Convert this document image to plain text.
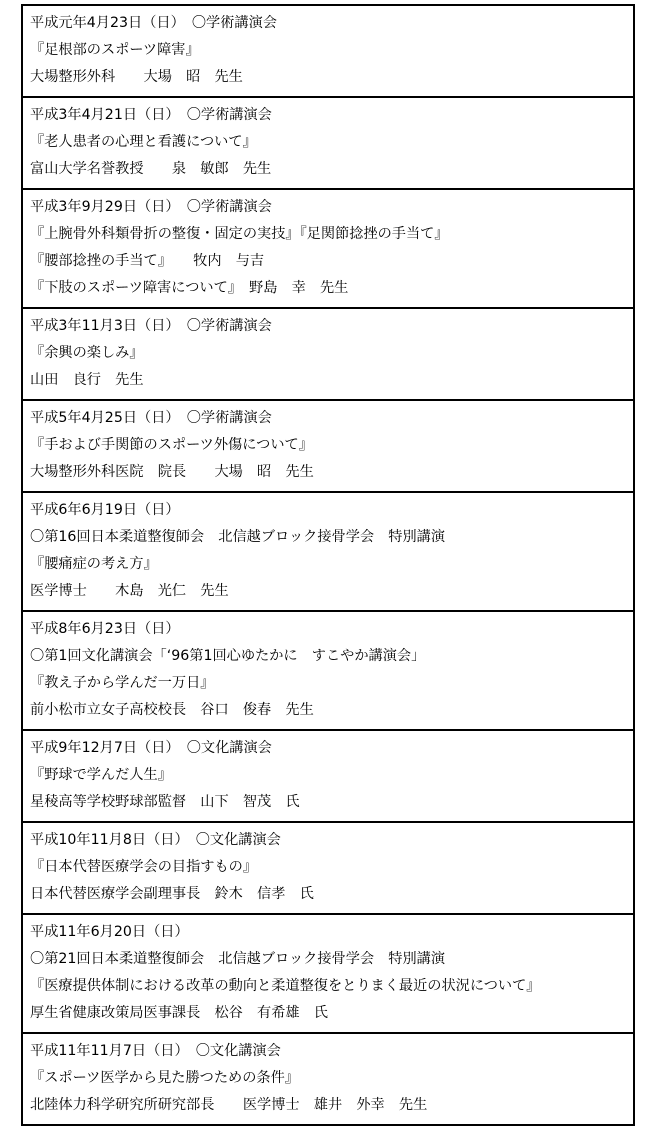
平成元年4月23日（日）　〇学術講演会
『足根部のスポーツ障害』
大場整形外科　　大場　昭　先生
平成3年4月21日（日）　〇学術講演会
『老人患者の心理と看護について』
富山大学名誉教授　　泉　敏郎　先生
平成3年9月29日（日）　〇学術講演会
『上腕骨外科類骨折の整復・固定の実技』『足関節捻挫の手当て』
『腰部捻挫の手当て』　　牧内　与吉
『下肢のスポーツ障害について』　野島　幸　先生
平成3年11月3日（日）　〇学術講演会
『余興の楽しみ』
山田　良行　先生
平成5年4月25日（日）　〇学術講演会
『手および手関節のスポーツ外傷について』
大場整形外科医院　院長　　大場　昭　先生
平成6年6月19日（日）
〇第16回日本柔道整復師会　北信越ブロック接骨学会　特別講演
『腰痛症の考え方』
医学博士　　木島　光仁　先生
平成8年6月23日（日）
〇第1回文化講演会「‘96第1回心ゆたかに　すこやか講演会」
『教え子から学んだ一万日』
前小松市立女子高校校長　谷口　俊春　先生
平成9年12月7日（日）　〇文化講演会
『野球で学んだ人生』
星稜高等学校野球部監督　山下　智茂　氏
平成10年11月8日（日）　〇文化講演会
『日本代替医療学会の目指すもの』
日本代替医療学会副理事長　鈴木　信孝　氏
平成11年6月20日（日）
〇第21回日本柔道整復師会　北信越ブロック接骨学会　特別講演
『医療提供体制における改革の動向と柔道整復をとりまく最近の状況について』
厚生省健康改策局医事課長　松谷　有希雄　氏
平成11年11月7日（日）　〇文化講演会
『スポーツ医学から見た勝つための条件』
北陸体力科学研究所研究部長　　医学博士　雄井　外幸　先生
